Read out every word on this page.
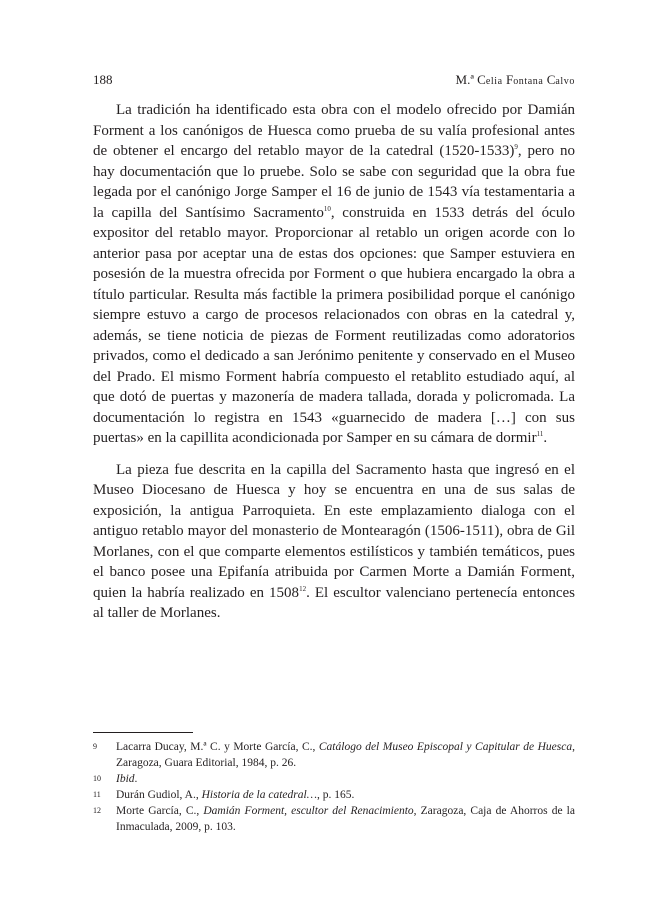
188	M.ª Celia Fontana Calvo

La tradición ha identificado esta obra con el modelo ofrecido por Damián Forment a los canónigos de Huesca como prueba de su valía profesional antes de obtener el encargo del retablo mayor de la catedral (1520-1533)$^9$, pero no hay documentación que lo pruebe. Solo se sabe con seguridad que la obra fue legada por el canónigo Jorge Samper el 16 de junio de 1543 vía testamentaria a la capilla del Santísimo Sacramento$^{10}$, construida en 1533 detrás del óculo expositor del retablo mayor. Proporcionar al retablo un origen acorde con lo anterior pasa por aceptar una de estas dos opciones: que Samper estuviera en posesión de la muestra ofrecida por Forment o que hubiera encargado la obra a título particular. Resulta más factible la primera posibilidad porque el canónigo siempre estuvo a cargo de procesos relacionados con obras en la catedral y, además, se tiene noticia de piezas de Forment reutilizadas como adoratorios privados, como el dedicado a san Jerónimo penitente y conservado en el Museo del Prado. El mismo Forment habría compuesto el retablito estudiado aquí, al que dotó de puertas y mazonería de madera tallada, dorada y policromada. La documentación lo registra en 1543 «guarnecido de madera […] con sus puertas» en la capillita acondicionada por Samper en su cámara de dormir$^{11}$.

La pieza fue descrita en la capilla del Sacramento hasta que ingresó en el Museo Diocesano de Huesca y hoy se encuentra en una de sus salas de exposición, la antigua Parroquieta. En este emplazamiento dialoga con el antiguo retablo mayor del monasterio de Montearagón (1506-1511), obra de Gil Morlanes, con el que comparte elementos estilísticos y también temáticos, pues el banco posee una Epifanía atribuida por Carmen Morte a Damián Forment, quien la habría realizado en 1508$^{12}$. El escultor valenciano pertenecía entonces al taller de Morlanes.

9 Lacarra Ducay, M.ª C. y Morte García, C., Catálogo del Museo Episcopal y Capitular de Huesca, Zaragoza, Guara Editorial, 1984, p. 26.

10 Ibid.

11 Durán Gudiol, A., Historia de la catedral…, p. 165.

12 Morte García, C., Damián Forment, escultor del Renacimiento, Zaragoza, Caja de Ahorros de la Inmaculada, 2009, p. 103.
